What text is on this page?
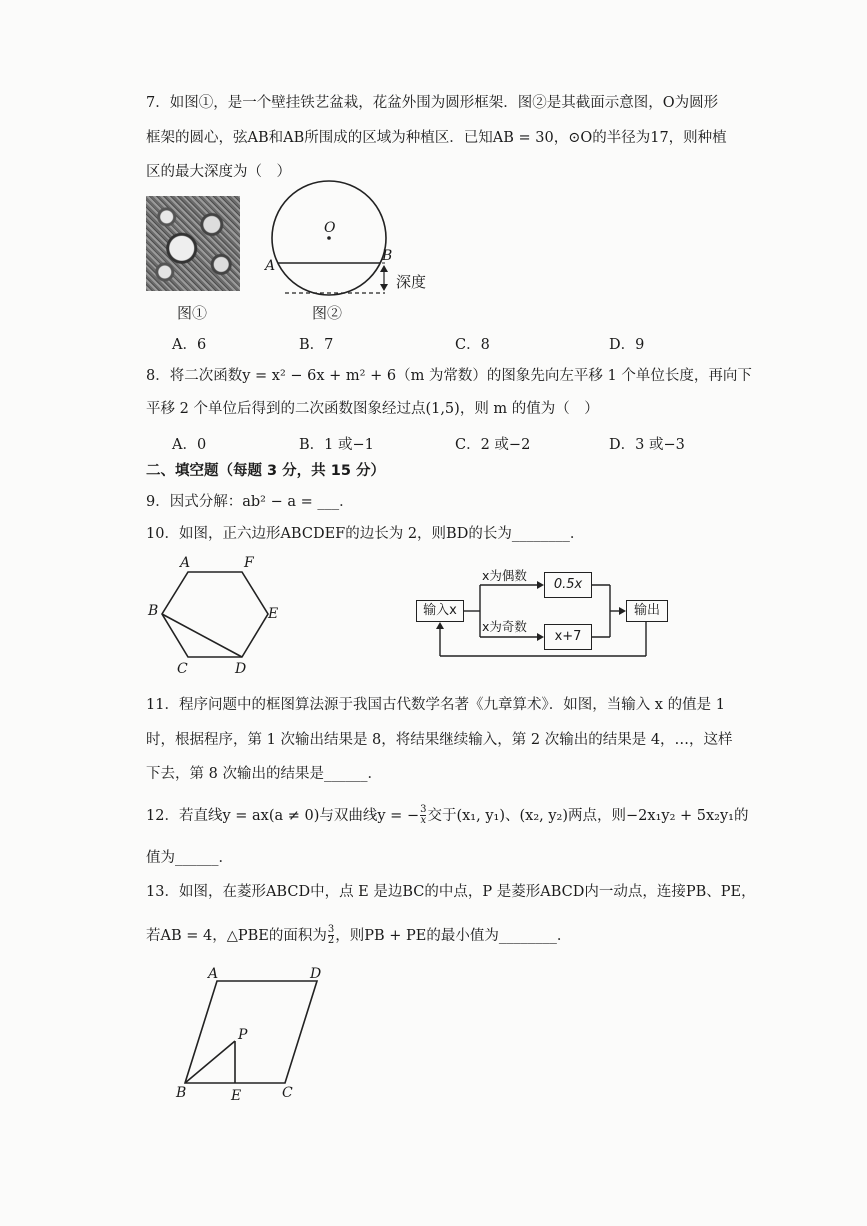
7．如图①，是一个壁挂铁艺盆栽，花盆外围为圆形框架．图②是其截面示意图，O为圆形
框架的圆心，弦AB和AB所围成的区域为种植区．已知AB = 30，⊙O的半径为17，则种植
区的最大深度为（　）
图①
O
A
B
深度
图②
A．6	B．7	C．8	D．9
8．将二次函数y = x² − 6x + m² + 6（m 为常数）的图象先向左平移 1 个单位长度，再向下
平移 2 个单位后得到的二次函数图象经过点(1,5)，则 m 的值为（　）
A．0	B．1 或−1	C．2 或−2	D．3 或−3
二、填空题（每题 3 分，共 15 分）
9．因式分解：ab² − a = ___．
10．如图，正六边形ABCDEF的边长为 2，则BD的长为________．
A	F
B	E
C	D
输入x
0.5x
x+7
输出
x为偶数
x为奇数
11．程序问题中的框图算法源于我国古代数学名著《九章算术》．如图，当输入 x 的值是 1
时，根据程序，第 1 次输出结果是 8，将结果继续输入，第 2 次输出的结果是 4，…，这样
下去，第 8 次输出的结果是______．
12．若直线y = ax(a ≠ 0)与双曲线y = − $\frac{3}{x}$ 交于(x₁, y₁)、(x₂, y₂)两点，则−2x₁y₂ + 5x₂y₁的
值为______．
13．如图，在菱形ABCD中，点 E 是边BC的中点，P 是菱形ABCD内一动点，连接PB、PE，
若AB = 4，△PBE的面积为 $\frac{3}{2}$ ，则PB + PE的最小值为________．
A	D
P
B	E	C
